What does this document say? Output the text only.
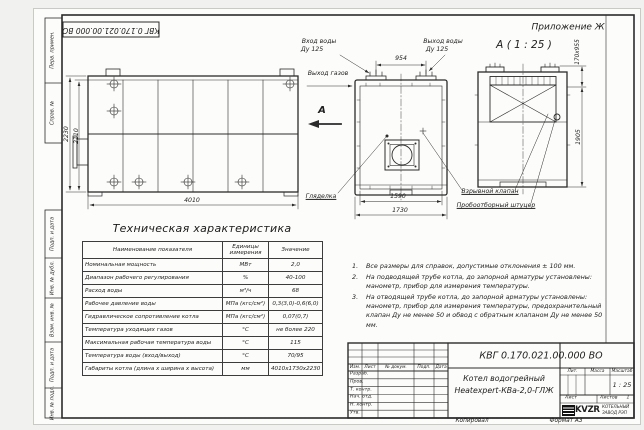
КВГ 0.170.021.00.000 ВО	Приложение Ж
Перв. примен.
Справ. №
Подп. и дата
Инв. № дубл.
Взам. инв. №
Подп. и дата
Инв. № подл.
2230 2110
4010
Вход воды
Ду 125
954
Выход воды
Ду 125
Выход газов
А
Гляделка	1590
1730
А ( 1 : 25 )	170х955
1905
Взрывной клапан
Пробоотборный штуцер
Техническая характеристика
Наименование показателя	Единицы измерения	Значение
Номинальная мощность	МВт	2,0
Диапазон рабочего регулирования	%	40-100
Расход воды	м³/ч	68
Рабочее давление воды	МПа (кгс/см²)	0,3(3,0)-0,6(6,0)
Гидравлическое сопротивление котла	МПа (кгс/см²)	0,07(0,7)
Температура уходящих газов	°С	не более 220
Максимальная рабочая температура воды	°С	115
Температура воды (вход/выход)	°С	70/95
Габариты котла (длина х ширина х высота)	мм	4010х1730х2230
1.	Все размеры для справок, допустимые отклонения ± 100 мм.
2.	На подводящей трубе котла, до запорной арматуры установлены: манометр, прибор для измерения температуры.
3.	На отводящей трубе котла, до запорной арматуры установлены: манометр, прибор для измерения температуры, предохранительный клапан Ду не менее 50 и обвод с обратным клапаном Ду не менее 50 мм.
КВГ 0.170.021.00.000 ВО
Котел водогрейный
Heatexpert-КВа-2,0-ГЛЖ
Изм. Лист № докум. Подп. Дата
Разраб.
Пров.
Т. контр.
Нач. отд.
Н. контр.
Утв.
Лит.	Масса Масштаб
1 : 25
Лист	Листов 1
KVZR КОТЕЛЬНЫЙ
ЗАВОД РЭП
Копировал	Формат А3
